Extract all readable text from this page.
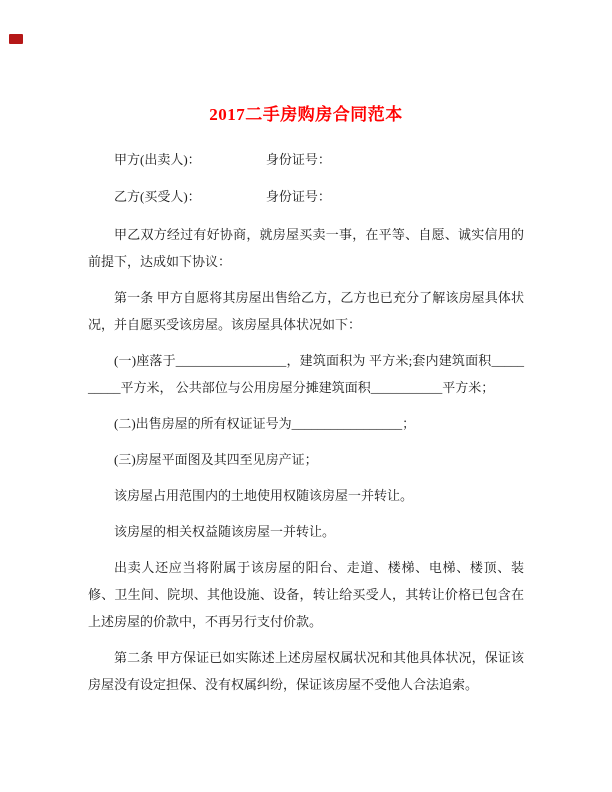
2017二手房购房合同范本
甲方(出卖人)：	身份证号：
乙方(买受人)：	身份证号：

甲乙双方经过有好协商，就房屋买卖一事，在平等、自愿、诚实信用的前提下，达成如下协议：

第一条 甲方自愿将其房屋出售给乙方，乙方也已充分了解该房屋具体状况，并自愿买受该房屋。该房屋具体状况如下：

(一)座落于_________________，建筑面积为 平方米;套内建筑面积__________平方米， 公共部位与公用房屋分摊建筑面积___________平方米；

(二)出售房屋的所有权证证号为_________________；

(三)房屋平面图及其四至见房产证；

该房屋占用范围内的土地使用权随该房屋一并转让。

该房屋的相关权益随该房屋一并转让。

出卖人还应当将附属于该房屋的阳台、走道、楼梯、电梯、楼顶、装修、卫生间、院坝、其他设施、设备，转让给买受人，其转让价格已包含在上述房屋的价款中，不再另行支付价款。

第二条 甲方保证已如实陈述上述房屋权属状况和其他具体状况，保证该房屋没有设定担保、没有权属纠纷，保证该房屋不受他人合法追索。
